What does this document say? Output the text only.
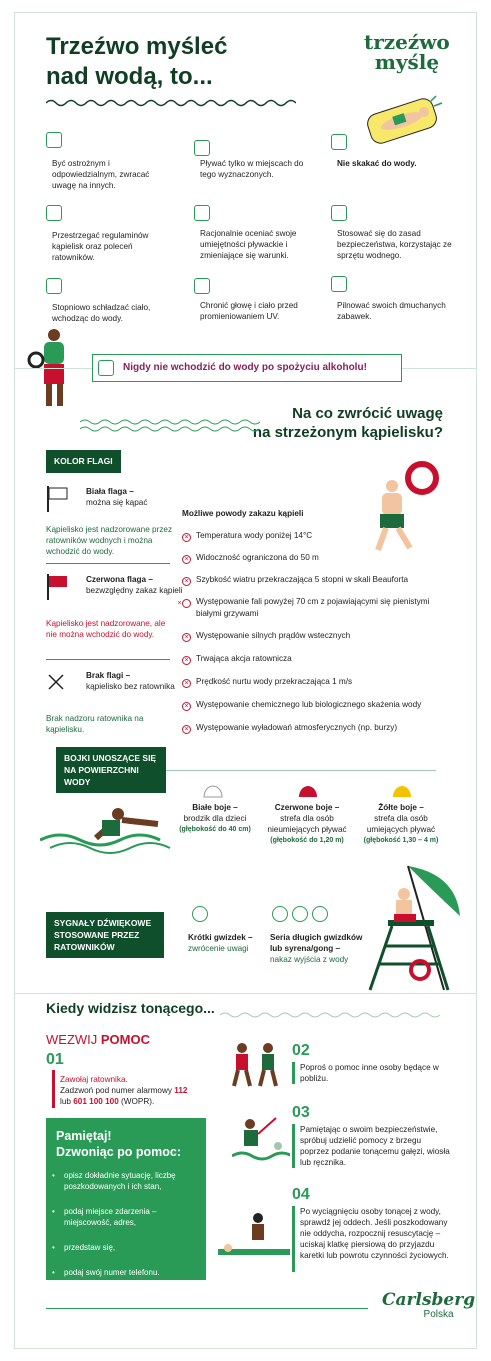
Trzeźwo myśleć
nad wodą, to...
trzeźwo
myślę
Być ostrożnym i odpowiedzialnym, zwracać uwagę na innych.
Pływać tylko w miejscach do tego wyznaczonych.
Nie skakać do wody.
Przestrzegać regulaminów kąpielisk oraz poleceń ratowników.
Racjonalnie oceniać swoje umiejętności pływackie i zmieniające się warunki.
Stosować się do zasad bezpieczeństwa, korzystając ze sprzętu wodnego.
Stopniowo schładzać ciało, wchodząc do wody.
Chronić głowę i ciało przed promieniowaniem UV.
Pilnować swoich dmuchanych zabawek.
Nigdy nie wchodzić do wody po spożyciu alkoholu!
Na co zwrócić uwagę
na strzeżonym kąpielisku?
KOLOR FLAGI
Biała flaga –
można się kąpać
Kąpielisko jest nadzorowane przez ratowników wodnych i można wchodzić do wody.
Czerwona flaga –
bezwzględny zakaz kąpieli
Kąpielisko jest nadzorowane, ale nie można wchodzić do wody.
Brak flagi –
kąpielisko bez ratownika
Brak nadzoru ratownika na kąpielisku.
Możliwe powody zakazu kąpieli
× Temperatura wody poniżej 14°C
× Widoczność ograniczona do 50 m
× Szybkość wiatru przekraczająca 5 stopni w skali Beauforta
× Występowanie fali powyżej 70 cm z pojawiającymi się pienistymi białymi grzywami
× Występowanie silnych prądów wstecznych
× Trwająca akcja ratownicza
× Prędkość nurtu wody przekraczająca 1 m/s
× Występowanie chemicznego lub biologicznego skażenia wody
× Występowanie wyładowań atmosferycznych (np. burzy)
BOJKI UNOSZĄCE SIĘ NA POWIERZCHNI WODY
Białe boje –
brodzik dla dzieci
(głębokość do 40 cm)
Czerwone boje –
strefa dla osób nieumiejących pływać
(głębokość do 1,20 m)
Żółte boje –
strefa dla osób umiejących pływać
(głębokość 1,30 – 4 m)
SYGNAŁY DŹWIĘKOWE STOSOWANE PRZEZ RATOWNIKÓW
Krótki gwizdek –
zwrócenie uwagi
Seria długich gwizdków lub syrena/gong –
nakaz wyjścia z wody
Kiedy widzisz tonącego...
WEZWIJ POMOC
01
Zawołaj ratownika.
Zadzwoń pod numer alarmowy 112
lub 601 100 100 (WOPR).
Pamiętaj!
Dzwoniąc po pomoc:
• opisz dokładnie sytuację, liczbę poszkodowanych i ich stan,
• podaj miejsce zdarzenia – miejscowość, adres,
• przedstaw się,
• podaj swój numer telefonu.
02
Poproś o pomoc inne osoby będące w pobliżu.
03
Pamiętając o swoim bezpieczeństwie, spróbuj udzielić pomocy z brzegu poprzez podanie tonącemu gałęzi, wiosła lub ręcznika.
04
Po wyciągnięciu osoby tonącej z wody, sprawdź jej oddech. Jeśli poszkodowany nie oddycha, rozpocznij resuscytację – uciskaj klatkę piersiową do przyjazdu karetki lub powrotu czynności życiowych.
Carlsberg
Polska
